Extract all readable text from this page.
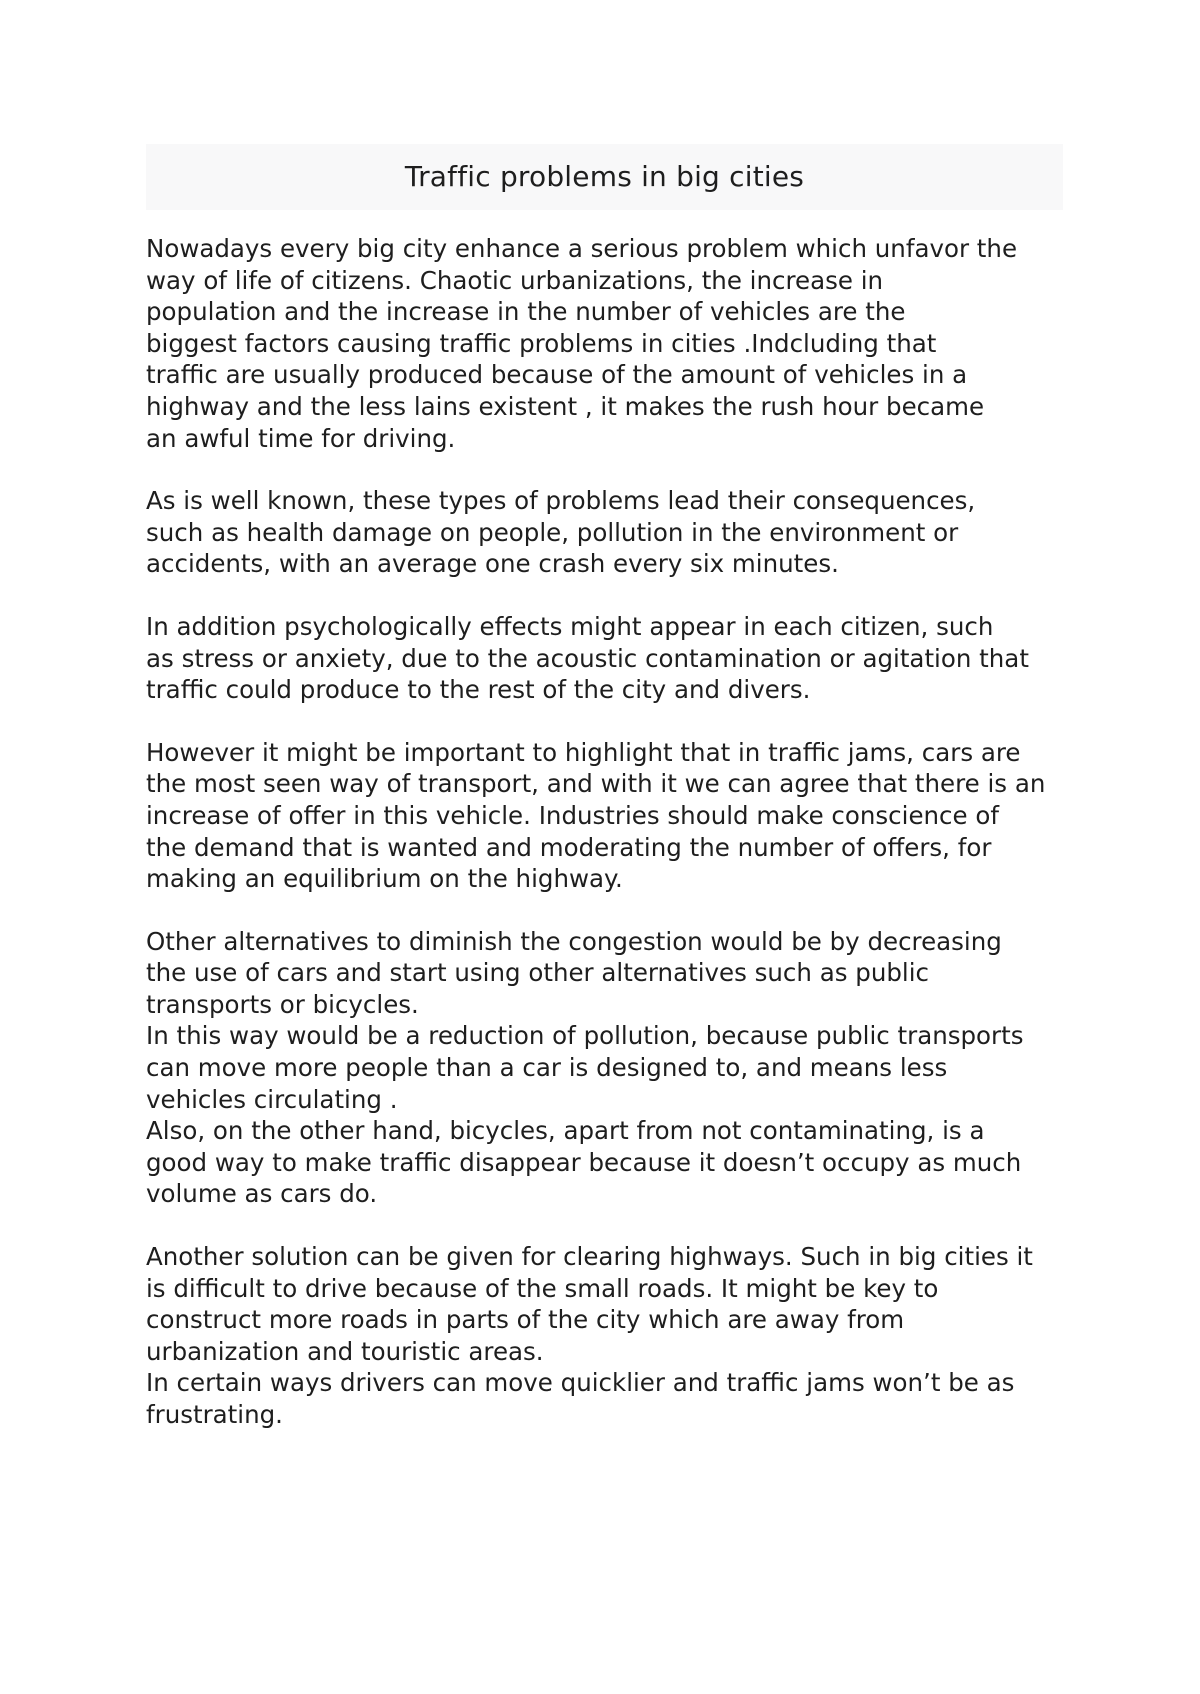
Traffic problems in big cities

Nowadays every big city enhance a serious problem which unfavor the
way of life of citizens. Chaotic urbanizations, the increase in
population and the increase in the number of vehicles are the
biggest factors causing traffic problems in cities .Indcluding that
traffic are usually produced because of the amount of vehicles in a
highway and the less lains existent , it makes the rush hour became
an awful time for driving.

As is well known, these types of problems lead their consequences,
such as health damage on people, pollution in the environment or
accidents, with an average one crash every six minutes.

In addition psychologically effects might appear in each citizen, such
as stress or anxiety, due to the acoustic contamination or agitation that
traffic could produce to the rest of the city and divers.

However it might be important to highlight that in traffic jams, cars are
the most seen way of transport, and with it we can agree that there is an
increase of offer in this vehicle. Industries should make conscience of
the demand that is wanted and moderating the number of offers, for
making an equilibrium on the highway.

Other alternatives to diminish the congestion would be by decreasing
the use of cars and start using other alternatives such as public
transports or bicycles.
In this way would be a reduction of pollution, because public transports
can move more people than a car is designed to, and means less
vehicles circulating .
Also, on the other hand, bicycles, apart from not contaminating, is a
good way to make traffic disappear because it doesn’t occupy as much
volume as cars do.

Another solution can be given for clearing highways. Such in big cities it
is difficult to drive because of the small roads. It might be key to
construct more roads in parts of the city which are away from
urbanization and touristic areas.
In certain ways drivers can move quicklier and traffic jams won’t be as
frustrating.
